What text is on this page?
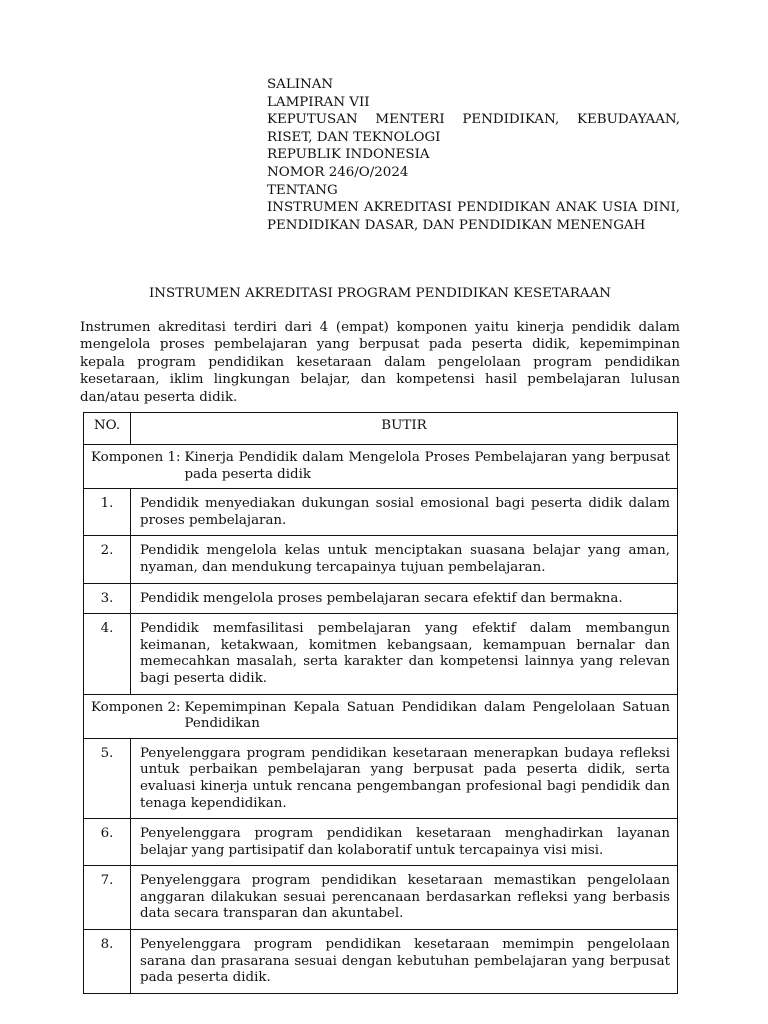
SALINAN
LAMPIRAN VII
KEPUTUSAN MENTERI PENDIDIKAN, KEBUDAYAAN,
RISET, DAN TEKNOLOGI
REPUBLIK INDONESIA
NOMOR 246/O/2024
TENTANG
INSTRUMEN AKREDITASI PENDIDIKAN ANAK USIA DINI, PENDIDIKAN DASAR, DAN PENDIDIKAN MENENGAH
INSTRUMEN AKREDITASI PROGRAM PENDIDIKAN KESETARAAN
Instrumen akreditasi terdiri dari 4 (empat) komponen yaitu kinerja pendidik dalam mengelola proses pembelajaran yang berpusat pada peserta didik, kepemimpinan kepala program pendidikan kesetaraan dalam pengelolaan program pendidikan kesetaraan, iklim lingkungan belajar, dan kompetensi hasil pembelajaran lulusan dan/atau peserta didik.
NO.	BUTIR

Komponen 1: Kinerja Pendidik dalam Mengelola Proses Pembelajaran yang berpusat pada peserta didik	

1.	Pendidik menyediakan dukungan sosial emosional bagi peserta didik dalam proses pembelajaran.
2.	Pendidik mengelola kelas untuk menciptakan suasana belajar yang aman, nyaman, dan mendukung tercapainya tujuan pembelajaran.
3.	Pendidik mengelola proses pembelajaran secara efektif dan bermakna.
4.	Pendidik memfasilitasi pembelajaran yang efektif dalam membangun keimanan, ketakwaan, komitmen kebangsaan, kemampuan bernalar dan memecahkan masalah, serta karakter dan kompetensi lainnya yang relevan bagi peserta didik.

Komponen 2: Kepemimpinan Kepala Satuan Pendidikan dalam Pengelolaan Satuan Pendidikan	

5.	Penyelenggara program pendidikan kesetaraan menerapkan budaya refleksi untuk perbaikan pembelajaran yang berpusat pada peserta didik, serta evaluasi kinerja untuk rencana pengembangan profesional bagi pendidik dan tenaga kependidikan.
6.	Penyelenggara program pendidikan kesetaraan menghadirkan layanan belajar yang partisipatif dan kolaboratif untuk tercapainya visi misi.
7.	Penyelenggara program pendidikan kesetaraan memastikan pengelolaan anggaran dilakukan sesuai perencanaan berdasarkan refleksi yang berbasis data secara transparan dan akuntabel.
8.	Penyelenggara program pendidikan kesetaraan memimpin pengelolaan sarana dan prasarana sesuai dengan kebutuhan pembelajaran yang berpusat pada peserta didik.
